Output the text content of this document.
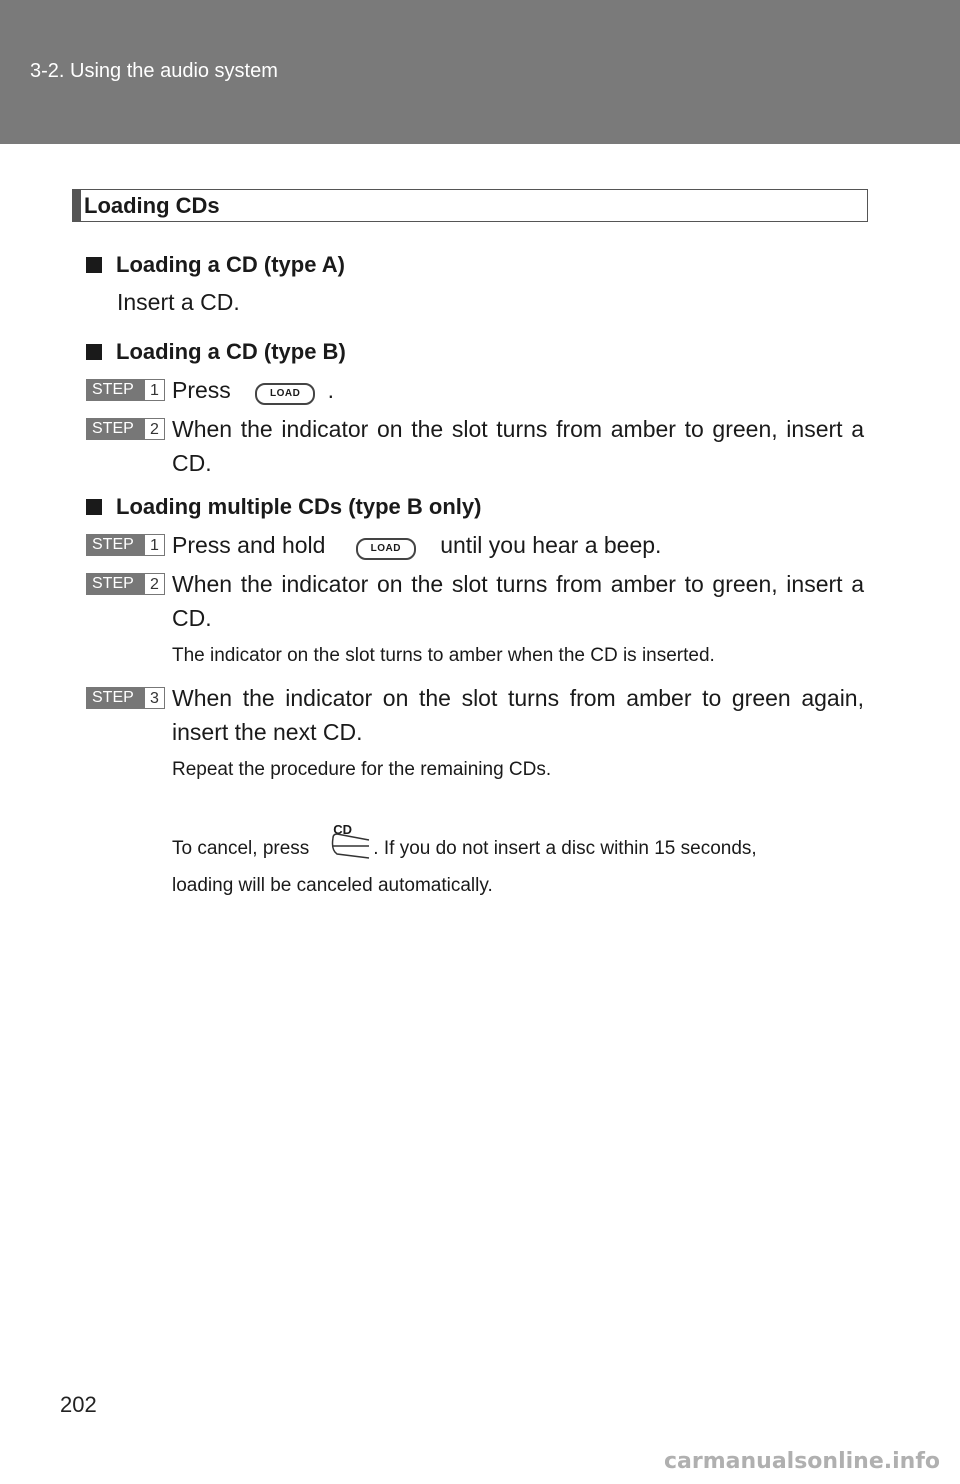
3-2. Using the audio system
Loading CDs
Loading a CD (type A)
Insert a CD.
Loading a CD (type B)
STEP	1 Press	LOAD .
STEP	2 When the indicator on the slot turns from amber to green, insert a CD.
Loading multiple CDs (type B only)
STEP	1 Press and hold	LOAD until you hear a beep.
STEP	2 When the indicator on the slot turns from amber to green, insert a CD.
The indicator on the slot turns to amber when the CD is inserted.
STEP	3 When the indicator on the slot turns from amber to green again, insert the next CD.
Repeat the procedure for the remaining CDs.
To cancel, press
CD
. If you do not insert a disc within 15 seconds,
loading will be canceled automatically.
202
carmanualsonline.info
